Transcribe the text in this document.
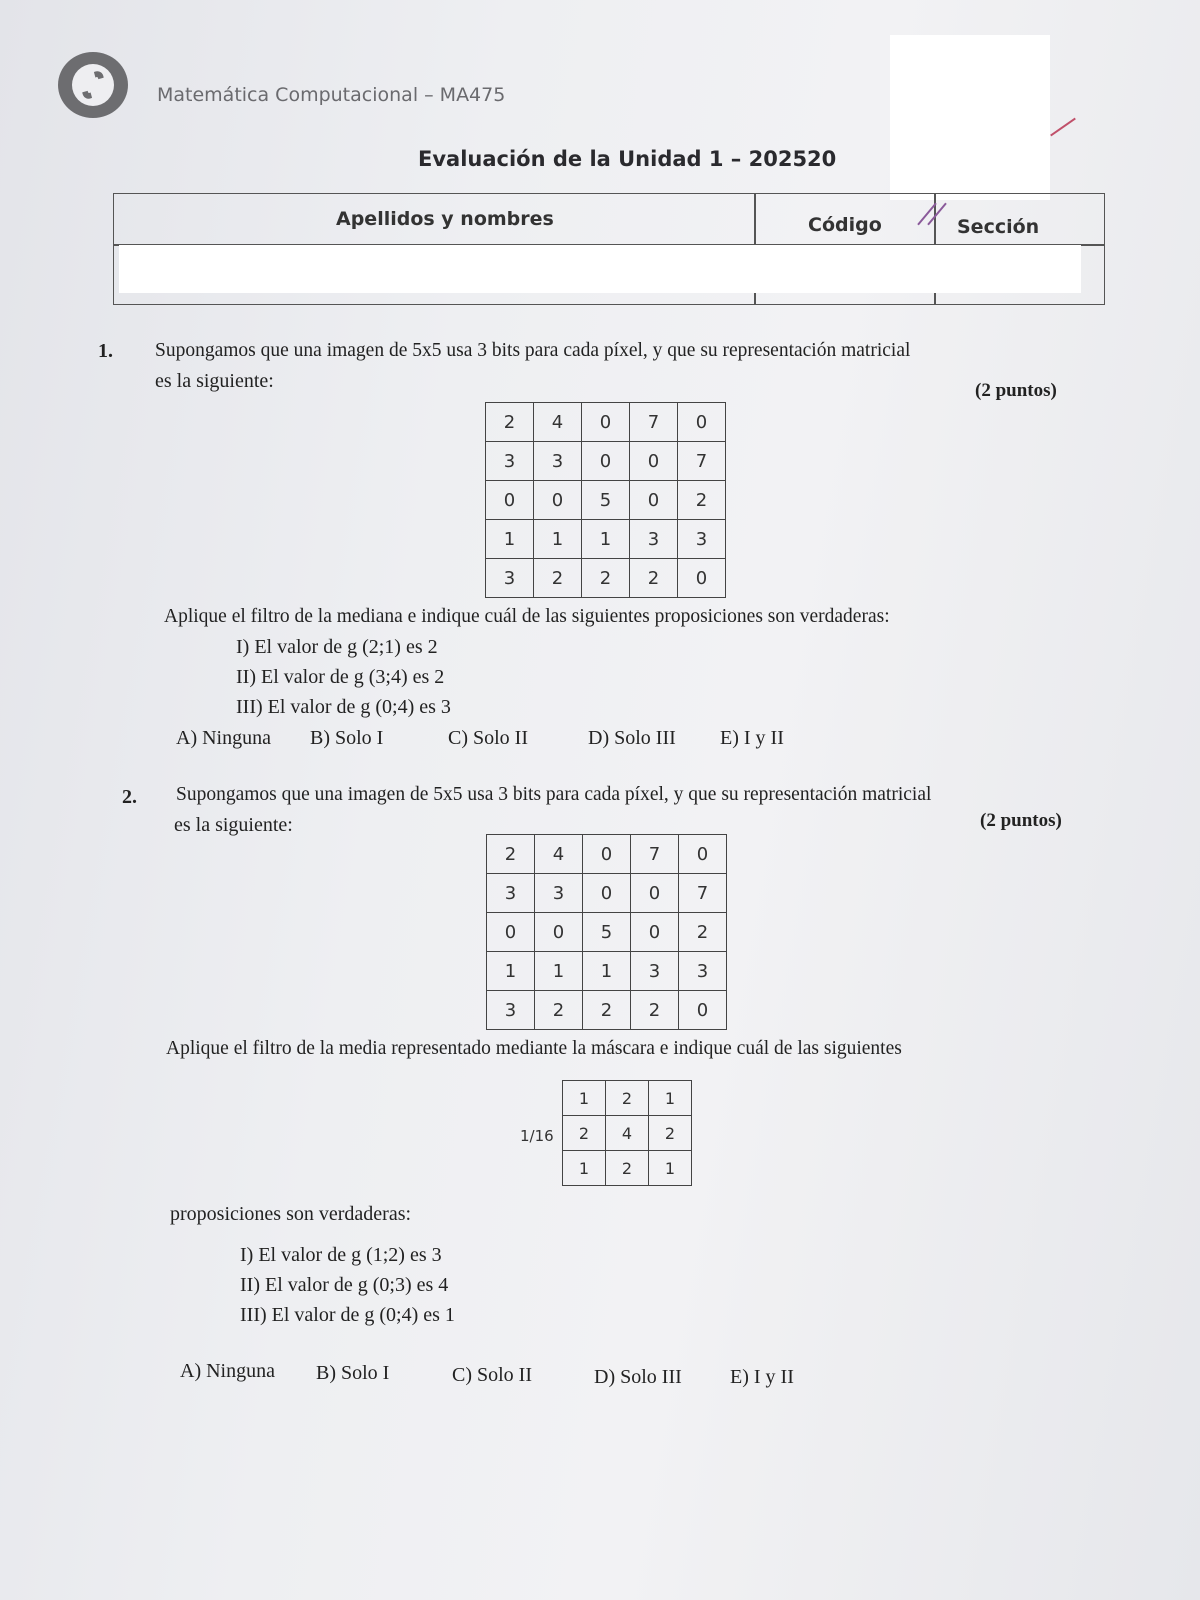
Matemática Computacional – MA475
Evaluación de la Unidad 1 – 202520
Apellidos y nombres	Código	Sección
1. Supongamos que una imagen de 5x5 usa 3 bits para cada píxel, y que su representación matricial
es la siguiente:	(2 puntos)
2	4	0	7	0
3	3	0	0	7
0	0	5	0	2
1	1	1	3	3
3	2	2	2	0
Aplique el filtro de la mediana e indique cuál de las siguientes proposiciones son verdaderas:
I) El valor de g (2;1) es 2
II) El valor de g (3;4) es 2
III) El valor de g (0;4) es 3
A) Ninguna B) Solo I	C) Solo II	D) Solo III E) I y II
2. Supongamos que una imagen de 5x5 usa 3 bits para cada píxel, y que su representación matricial
es la siguiente:	(2 puntos)
2	4	0	7	0
3	3	0	0	7
0	0	5	0	2
1	1	1	3	3
3	2	2	2	0
Aplique el filtro de la media representado mediante la máscara e indique cuál de las siguientes
1/16
1	2	1
2	4	2
1	2	1
proposiciones son verdaderas:
I) El valor de g (1;2) es 3
II) El valor de g (0;3) es 4
III) El valor de g (0;4) es 1
A) Ninguna B) Solo I	C) Solo II	D) Solo III E) I y II
